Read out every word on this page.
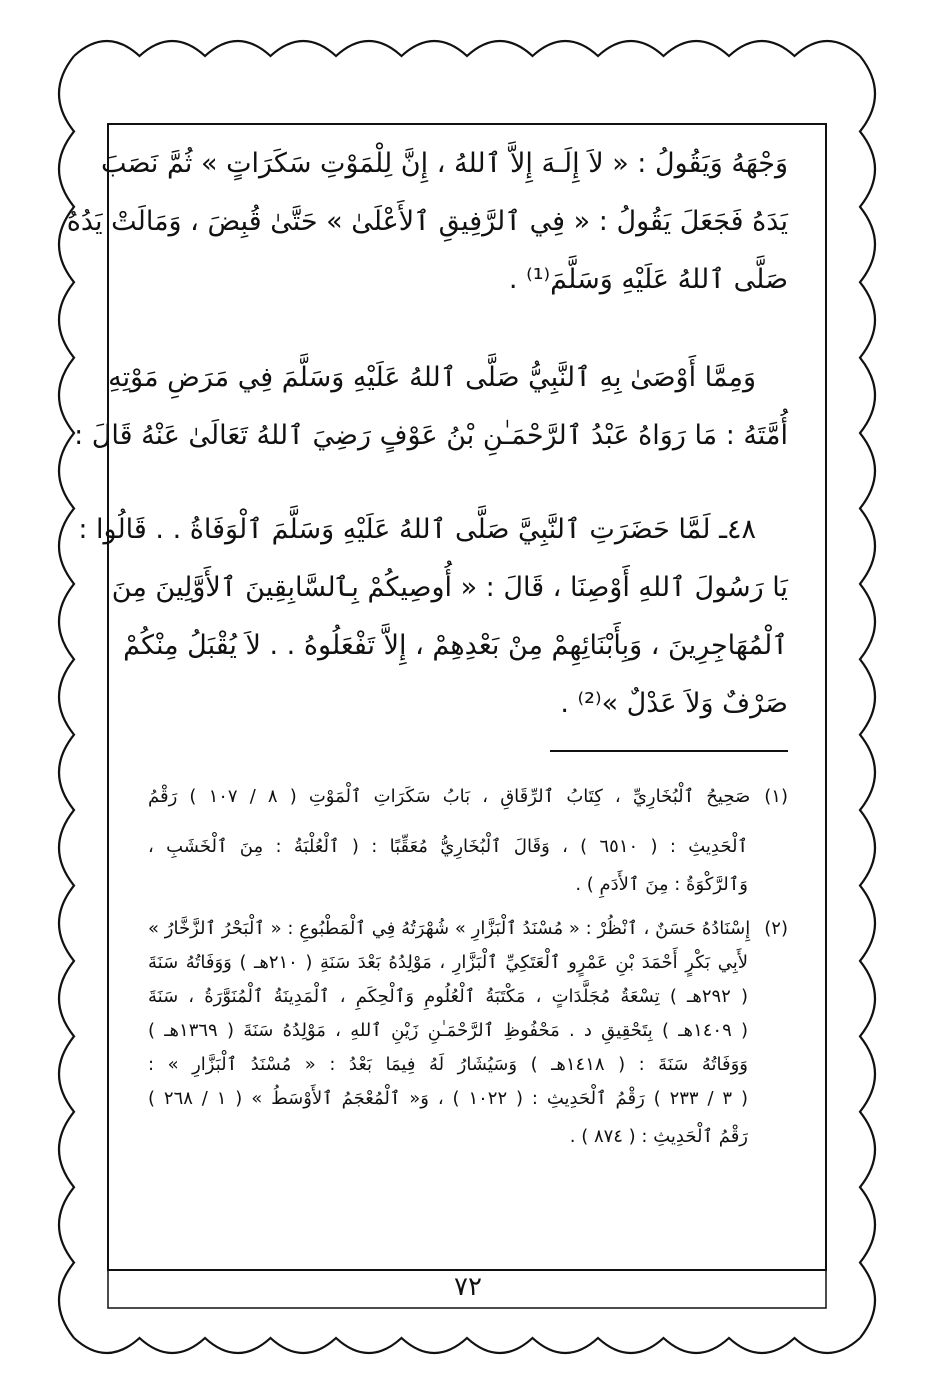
وَجْهَهُ وَيَقُولُ : « لاَ إِلَـهَ إِلاَّ ٱللهُ ، إِنَّ لِلْمَوْتِ سَكَرَاتٍ » ثُمَّ نَصَبَ
يَدَهُ فَجَعَلَ يَقُولُ : « فِي ٱلرَّفِيقِ ٱلأَعْلَىٰ » حَتَّىٰ قُبِضَ ، وَمَالَتْ يَدُهُ
صَلَّى ٱللهُ عَلَيْهِ وَسَلَّمَ⁽¹⁾ .
وَمِمَّا أَوْصَىٰ بِهِ ٱلنَّبِيُّ صَلَّى ٱللهُ عَلَيْهِ وَسَلَّمَ فِي مَرَضِ مَوْتِهِ
أُمَّتَهُ : مَا رَوَاهُ عَبْدُ ٱلرَّحْمَـٰنِ بْنُ عَوْفٍ رَضِيَ ٱللهُ تَعَالَىٰ عَنْهُ قَالَ :
٤٨ـ لَمَّا حَضَرَتِ ٱلنَّبِيَّ صَلَّى ٱللهُ عَلَيْهِ وَسَلَّمَ ٱلْوَفَاةُ . . قَالُوا :
يَا رَسُولَ ٱللهِ أَوْصِنَا ، قَالَ : « أُوصِيكُمْ بِٱلسَّابِقِينَ ٱلأَوَّلِينَ مِنَ
ٱلْمُهَاجِرِينَ ، وَبِأَبْنَائِهِمْ مِنْ بَعْدِهِمْ ، إِلاَّ تَفْعَلُوهُ . . لاَ يُقْبَلُ مِنْكُمْ
صَرْفٌ وَلاَ عَدْلٌ »⁽²⁾ .
(١)صَحِيحُ ٱلْبُخَارِيِّ ، كِتَابُ ٱلرِّقَاقِ ، بَابُ سَكَرَاتِ ٱلْمَوْتِ ( ٨ / ١٠٧ ) رَقْمُ
ٱلْحَدِيثِ : ( ٦٥١٠ ) ، وَقَالَ ٱلْبُخَارِيُّ مُعَقِّبًا : ( ٱلْعُلْبَةُ : مِنَ ٱلْخَشَبِ ،
وَٱلرَّكْوَةُ : مِنَ ٱلأَدَمِ ) .
(٢)إِسْنَادُهُ حَسَنٌ ، ٱنْظُرْ : « مُسْنَدُ ٱلْبَزَّارِ » شُهْرَتُهُ فِي ٱلْمَطْبُوعِ : « ٱلْبَحْرُ ٱلزَّخَّارُ »
لأَبِي بَكْرٍ أَحْمَدَ بْنِ عَمْرٍو ٱلْعَتَكِيِّ ٱلْبَزَّارِ ، مَوْلِدُهُ بَعْدَ سَنَةِ ( ٢١٠هـ ) وَوَفَاتُهُ سَنَةَ
( ٢٩٢هـ ) تِسْعَةُ مُجَلَّدَاتٍ ، مَكْتَبَةُ ٱلْعُلُومِ وَٱلْحِكَمِ ، ٱلْمَدِينَةُ ٱلْمُنَوَّرَةُ ، سَنَةَ
( ١٤٠٩هـ ) بِتَحْقِيقِ د . مَحْفُوظِ ٱلرَّحْمَـٰنِ زَيْنِ ٱللهِ ، مَوْلِدُهُ سَنَةَ ( ١٣٦٩هـ )
وَوَفَاتُهُ سَنَةَ : ( ١٤١٨هـ ) وَسَيُشَارُ لَهُ فِيمَا بَعْدُ : « مُسْنَدُ ٱلْبَزَّارِ » :
( ٣ / ٢٣٣ ) رَقْمُ ٱلْحَدِيثِ : ( ١٠٢٢ ) ، وَ« ٱلْمُعْجَمُ ٱلأَوْسَطُ » ( ١ / ٢٦٨ )
رَقْمُ ٱلْحَدِيثِ : ( ٨٧٤ ) .
٧٢
